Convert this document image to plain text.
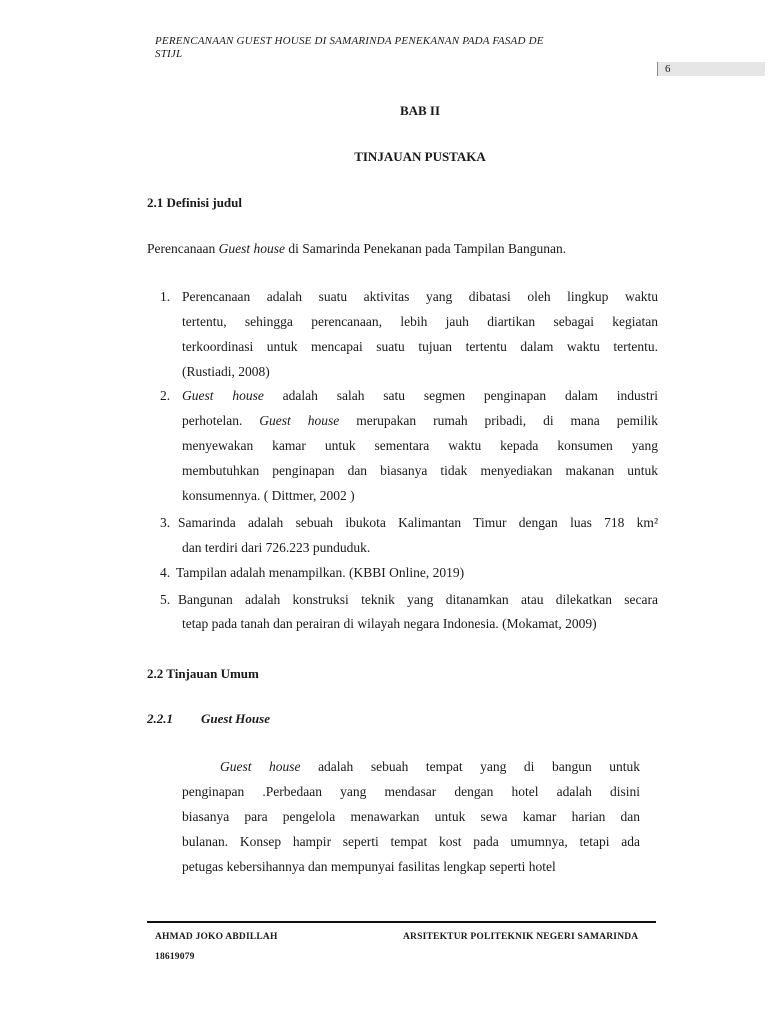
PERENCANAAN GUEST HOUSE DI SAMARINDA PENEKANAN PADA FASAD DE
STIJL
6
BAB II
TINJAUAN PUSTAKA
2.1 Definisi judul
Perencanaan Guest house di Samarinda Penekanan pada Tampilan Bangunan.
1. Perencanaan adalah suatu aktivitas yang dibatasi oleh lingkup waktu
tertentu, sehingga perencanaan, lebih jauh diartikan sebagai kegiatan
terkoordinasi untuk mencapai suatu tujuan tertentu dalam waktu tertentu.
(Rustiadi, 2008)
2. Guest house adalah salah satu segmen penginapan dalam industri
perhotelan. Guest house merupakan rumah pribadi, di mana pemilik
menyewakan kamar untuk sementara waktu kepada konsumen yang
membutuhkan penginapan dan biasanya tidak menyediakan makanan untuk
konsumennya. ( Dittmer, 2002 )
3. Samarinda adalah sebuah ibukota Kalimantan Timur dengan luas 718 km²
dan terdiri dari 726.223 punduduk.
4. Tampilan adalah menampilkan. (KBBI Online, 2019)
5. Bangunan adalah konstruksi teknik yang ditanamkan atau dilekatkan secara
tetap pada tanah dan perairan di wilayah negara Indonesia. (Mokamat, 2009)
2.2 Tinjauan Umum
2.2.1 Guest House
Guest house adalah sebuah tempat yang di bangun untuk
penginapan .Perbedaan yang mendasar dengan hotel adalah disini
biasanya para pengelola menawarkan untuk sewa kamar harian dan
bulanan. Konsep hampir seperti tempat kost pada umumnya, tetapi ada
petugas kebersihannya dan mempunyai fasilitas lengkap seperti hotel
AHMAD JOKO ABDILLAH
18619079
ARSITEKTUR POLITEKNIK NEGERI SAMARINDA
